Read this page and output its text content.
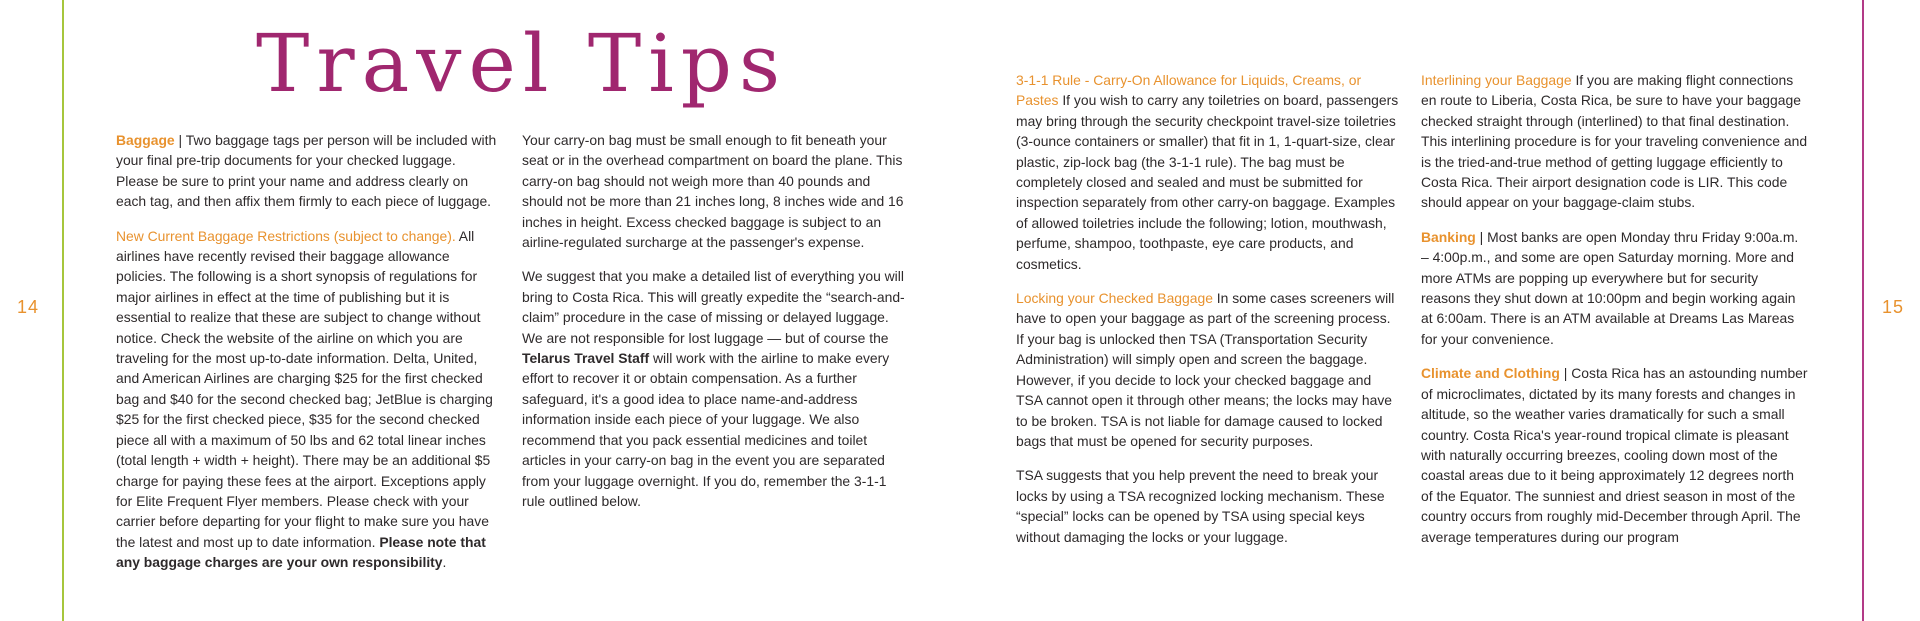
14	15
Travel Tips

Baggage | Two baggage tags per person will be included with your final pre-trip documents for your checked luggage. Please be sure to print your name and address clearly on each tag, and then affix them firmly to each piece of luggage.

New Current Baggage Restrictions (subject to change). All airlines have recently revised their baggage allowance policies. The following is a short synopsis of regulations for major airlines in effect at the time of publishing but it is essential to realize that these are subject to change without notice. Check the website of the airline on which you are traveling for the most up-to-date information. Delta, United, and American Airlines are charging $25 for the first checked bag and $40 for the second checked bag; JetBlue is charging $25 for the first checked piece, $35 for the second checked piece all with a maximum of 50 lbs and 62 total linear inches (total length + width + height). There may be an additional $5 charge for paying these fees at the airport. Exceptions apply for Elite Frequent Flyer members. Please check with your carrier before departing for your flight to make sure you have the latest and most up to date information. Please note that any baggage charges are your own responsibility.

Your carry-on bag must be small enough to fit beneath your seat or in the overhead compartment on board the plane. This carry-on bag should not weigh more than 40 pounds and should not be more than 21 inches long, 8 inches wide and 16 inches in height. Excess checked baggage is subject to an airline-regulated surcharge at the passenger's expense.

We suggest that you make a detailed list of everything you will bring to Costa Rica. This will greatly expedite the “search-and-claim” procedure in the case of missing or delayed luggage. We are not responsible for lost luggage — but of course the Telarus Travel Staff will work with the airline to make every effort to recover it or obtain compensation. As a further safeguard, it's a good idea to place name-and-address information inside each piece of your luggage. We also recommend that you pack essential medicines and toilet articles in your carry-on bag in the event you are separated from your luggage overnight. If you do, remember the 3-1-1 rule outlined below.

3-1-1 Rule - Carry-On Allowance for Liquids, Creams, or Pastes If you wish to carry any toiletries on board, passengers may bring through the security checkpoint travel-size toiletries (3-ounce containers or smaller) that fit in 1, 1-quart-size, clear plastic, zip-lock bag (the 3-1-1 rule). The bag must be completely closed and sealed and must be submitted for inspection separately from other carry-on baggage. Examples of allowed toiletries include the following; lotion, mouthwash, perfume, shampoo, toothpaste, eye care products, and cosmetics.

Locking your Checked Baggage In some cases screeners will have to open your baggage as part of the screening process. If your bag is unlocked then TSA (Transportation Security Administration) will simply open and screen the baggage. However, if you decide to lock your checked baggage and TSA cannot open it through other means; the locks may have to be broken. TSA is not liable for damage caused to locked bags that must be opened for security purposes.

TSA suggests that you help prevent the need to break your locks by using a TSA recognized locking mechanism. These “special” locks can be opened by TSA using special keys without damaging the locks or your luggage.

Interlining your Baggage If you are making flight connections en route to Liberia, Costa Rica, be sure to have your baggage checked straight through (interlined) to that final destination. This interlining procedure is for your traveling convenience and is the tried-and-true method of getting luggage efficiently to Costa Rica. Their airport designation code is LIR. This code should appear on your baggage-claim stubs.

Banking | Most banks are open Monday thru Friday 9:00a.m. – 4:00p.m., and some are open Saturday morning. More and more ATMs are popping up everywhere but for security reasons they shut down at 10:00pm and begin working again at 6:00am. There is an ATM available at Dreams Las Mareas for your convenience.

Climate and Clothing | Costa Rica has an astounding number of microclimates, dictated by its many forests and changes in altitude, so the weather varies dramatically for such a small country. Costa Rica's year-round tropical climate is pleasant with naturally occurring breezes, cooling down most of the coastal areas due to it being approximately 12 degrees north of the Equator. The sunniest and driest season in most of the country occurs from roughly mid-December through April. The average temperatures during our program
